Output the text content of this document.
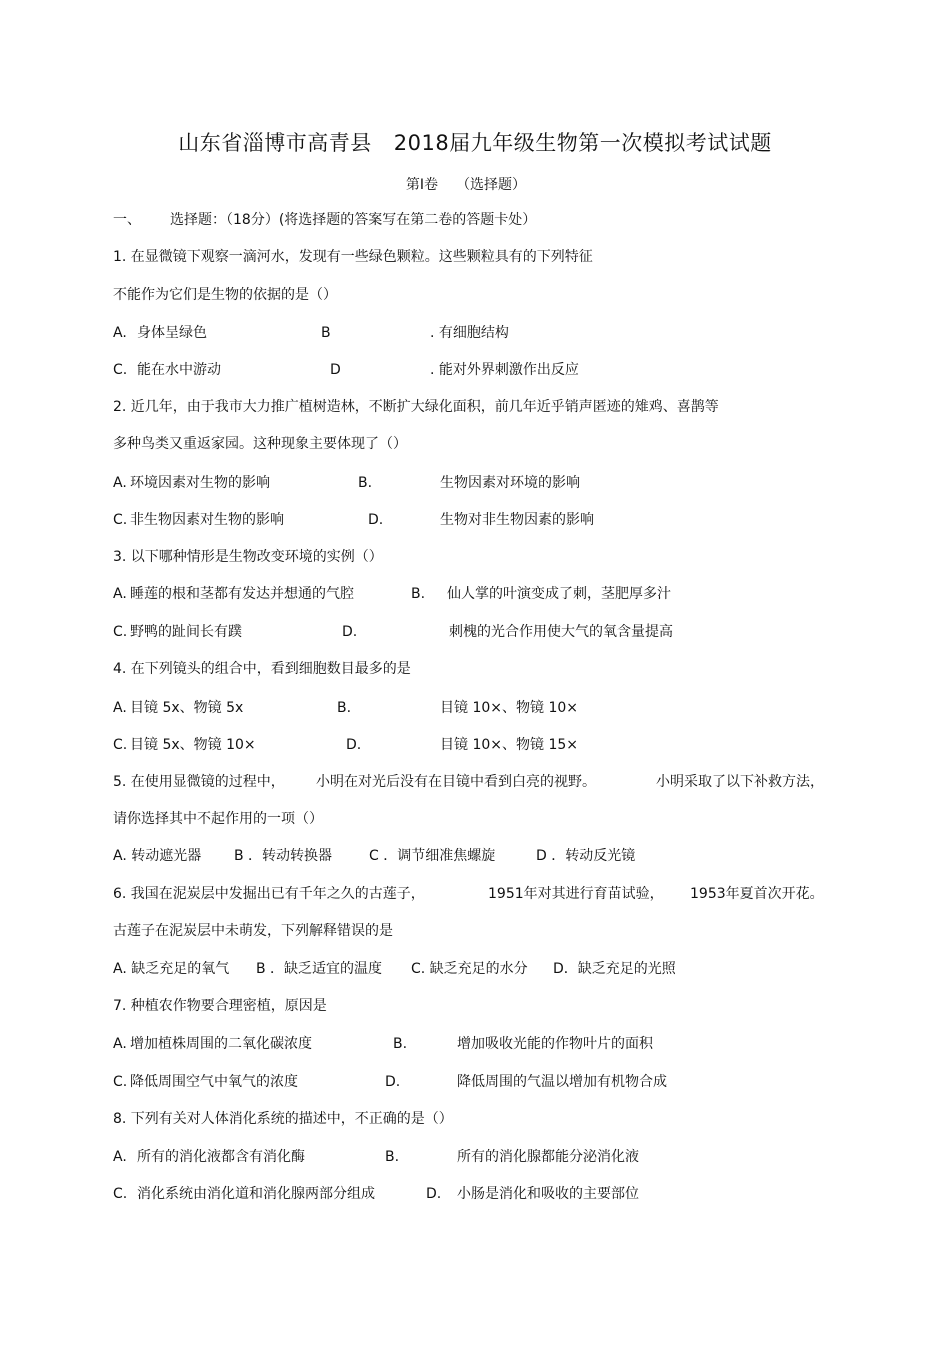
山东省淄博市高青县 2018届九年级生物第一次模拟考试试题
第Ⅰ卷 （选择题）
一、 选择题：（18分）(将选择题的答案写在第二卷的答题卡处）
1. 在显微镜下观察一滴河水，发现有一些绿色颗粒。这些颗粒具有的下列特征
不能作为它们是生物的依据的是（）
A. 身体呈绿色	B	. 有细胞结构
C. 能在水中游动	D	. 能对外界刺激作出反应
2. 近几年，由于我市大力推广植树造林，不断扩大绿化面积，前几年近乎销声匿迹的雉鸡、喜鹊等
多种鸟类又重返家园。这种现象主要体现了（）
A. 环境因素对生物的影响	B.	生物因素对环境的影响
C. 非生物因素对生物的影响	D.	生物对非生物因素的影响
3. 以下哪种情形是生物改变环境的实例（）
A. 睡莲的根和茎都有发达并想通的气腔	B. 仙人掌的叶演变成了刺，茎肥厚多汁
C. 野鸭的趾间长有蹼	D.	刺槐的光合作用使大气的氧含量提高
4. 在下列镜头的组合中，看到细胞数目最多的是
A. 目镜 5x、物镜 5x	B.	目镜 10×、物镜 10×
C. 目镜 5x、物镜 10×	D.	目镜 10×、物镜 15×
5. 在使用显微镜的过程中， 小明在对光后没有在目镜中看到白亮的视野。	小明采取了以下补救方法，
请你选择其中不起作用的一项（）
A. 转动遮光器 B ．转动转换器	C ．调节细准焦螺旋	D ．转动反光镜
6. 我国在泥炭层中发掘出已有千年之久的古莲子，	1951年对其进行育苗试验， 1953年夏首次开花。
古莲子在泥炭层中未萌发，下列解释错误的是
A. 缺乏充足的氧气 B ．缺乏适宜的温度 C. 缺乏充足的水分 D．缺乏充足的光照
7. 种植农作物要合理密植，原因是
A. 增加植株周围的二氧化碳浓度	B.	增加吸收光能的作物叶片的面积
C. 降低周围空气中氧气的浓度	D.	降低周围的气温以增加有机物合成
8. 下列有关对人体消化系统的描述中，不正确的是（）
A. 所有的消化液都含有消化酶	B.	所有的消化腺都能分泌消化液
C. 消化系统由消化道和消化腺两部分组成	D. 小肠是消化和吸收的主要部位
